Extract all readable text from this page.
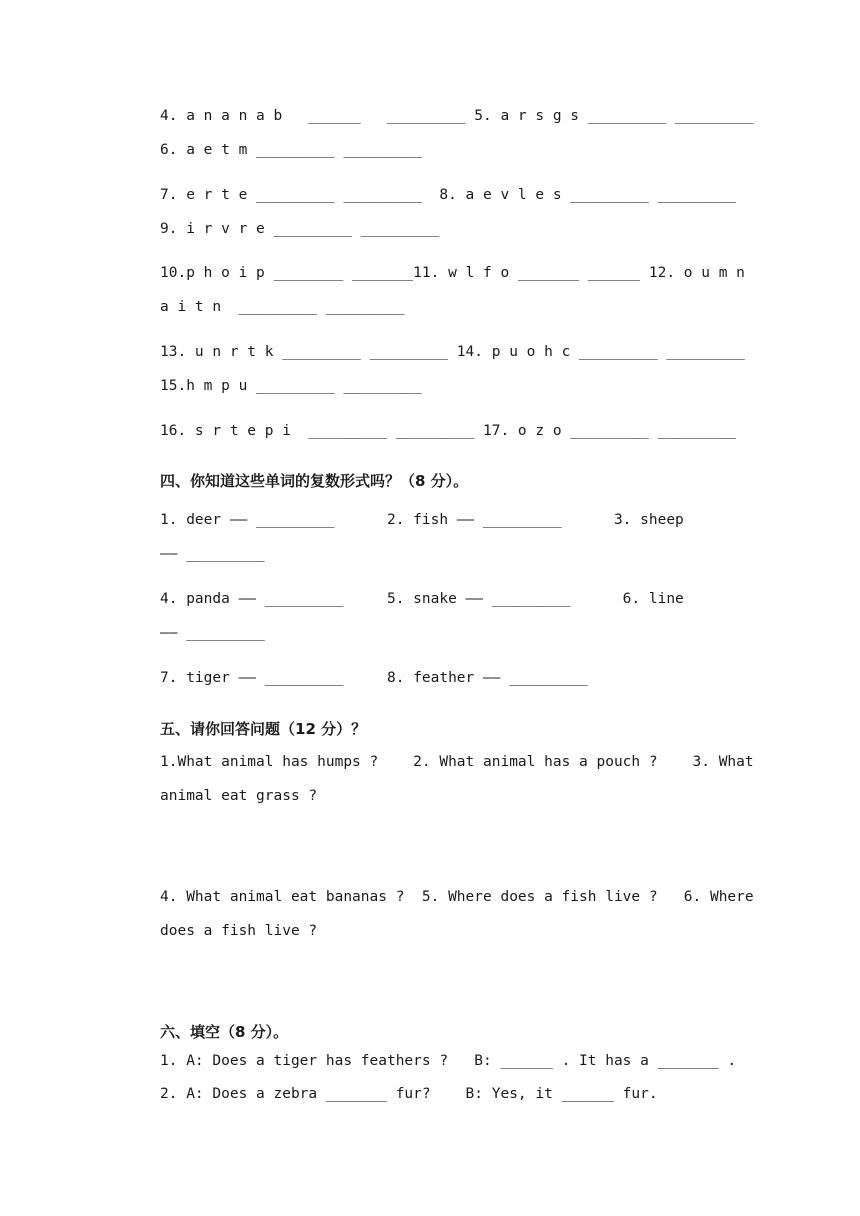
4. a n a n a b   ______   _________ 5. a r s g s _________ _________
6. a e t m _________ _________
7. e r t e _________ _________  8. a e v l e s _________ _________
9. i r v r e _________ _________
10.p h o i p ________ _______11. w l f o _______ ______ 12. o u m n
a i t n  _________ _________
13. u n r t k _________ _________ 14. p u o h c _________ _________
15.h m p u _________ _________
16. s r t e p i  _________ _________ 17. o z o _________ _________
四、你知道这些单词的复数形式吗？（8 分）。
1. deer —— _________      2. fish —— _________      3. sheep
—— _________
4. panda —— _________     5. snake —— _________      6. line
—— _________
7. tiger —— _________     8. feather —— _________
五、请你回答问题（12 分）？
1.What animal has humps ?    2. What animal has a pouch ?    3. What
animal eat grass ?
4. What animal eat bananas ?  5. Where does a fish live ?   6. Where
does a fish live ?
六、填空（8 分）。
1. A: Does a tiger has feathers ?   B: ______ . It has a _______ .
2. A: Does a zebra _______ fur?    B: Yes, it ______ fur.
